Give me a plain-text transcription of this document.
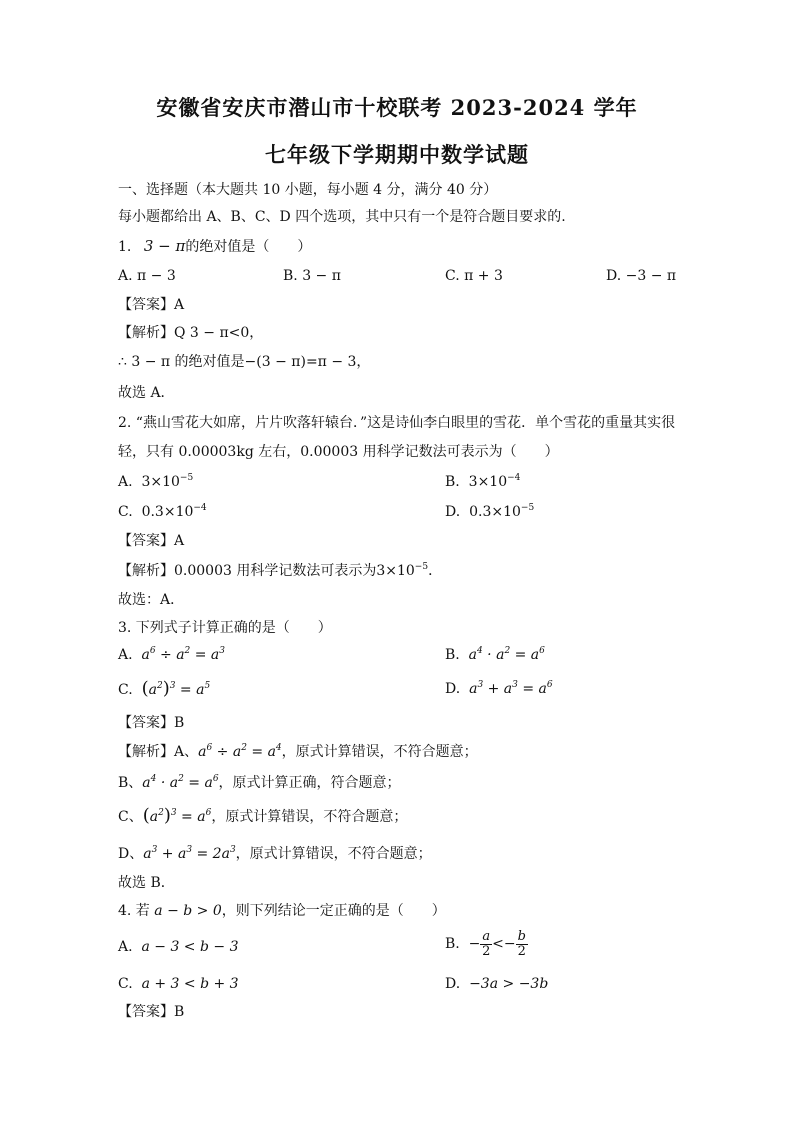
安徽省安庆市潜山市十校联考 2023-2024 学年
七年级下学期期中数学试题
一、选择题（本大题共 10 小题，每小题 4 分，满分 40 分）
每小题都给出 A、B、C、D 四个选项，其中只有一个是符合题目要求的.
1. 3 − π的绝对值是（　　）
A. π − 3	B. 3 − π	C. π + 3	D. −3 − π
【答案】A
【解析】Q 3 − π<0，
∴ 3 − π 的绝对值是−(3 − π)=π − 3，
故选 A．
2. “燕山雪花大如席，片片吹落轩辕台．”这是诗仙李白眼里的雪花．单个雪花的重量其实很
轻，只有 0.00003kg 左右，0.00003 用科学记数法可表示为（　　）
A. $3\times 10^{-5}$	B. $3\times 10^{-4}$
C. $0.3\times 10^{-4}$	D. $0.3\times 10^{-5}$
【答案】A
【解析】0.00003 用科学记数法可表示为$3\times 10^{-5}$．
故选：A．
3. 下列式子计算正确的是（　　）
A.  $a^6 \div a^2 = a^3$	B.  $a^4 \cdot a^2 = a^6$
C.  $(a^2)^3 = a^5$	D.  $a^3 + a^3 = a^6$
【答案】B
【解析】A、$a^6 \div a^2 = a^4$，原式计算错误，不符合题意；
B、$a^4 \cdot a^2 = a^6$，原式计算正确，符合题意；
C、$(a^2)^3 = a^6$，原式计算错误，不符合题意；
D、$a^3 + a^3 = 2a^3$，原式计算错误，不符合题意；
故选 B．
4. 若 a − b > 0，则下列结论一定正确的是（　　）
A.  a − 3 < b − 3	B.  − $\frac{a}{2} <- \frac{b}{2}$
C.  a + 3 < b + 3	D.  −3a > −3b
【答案】B
